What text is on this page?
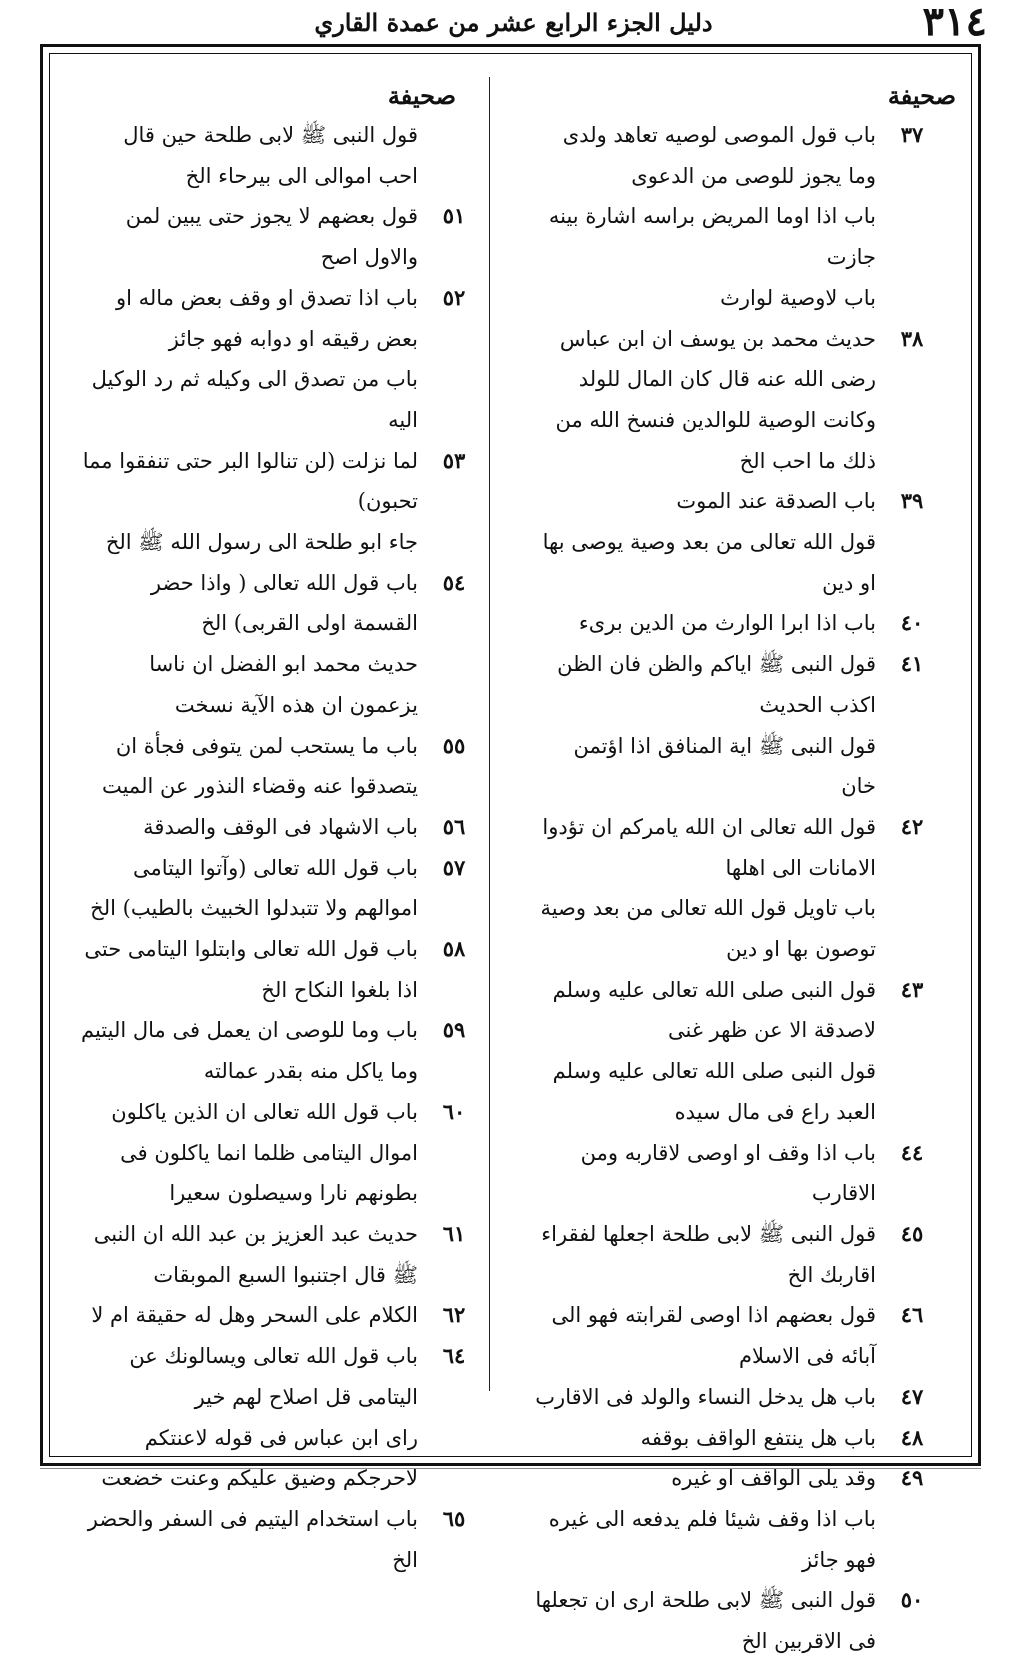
٣١٤
دليل الجزء الرابع عشر من عمدة القاري
صحيفة
٣٧
باب قول الموصى لوصيه تعاهد ولدى وما يجوز للوصى من الدعوى
باب اذا اوما المريض براسه اشارة بينه جازت
باب لاوصية لوارث
٣٨
حديث محمد بن يوسف ان ابن عباس رضى الله عنه قال كان المال للولد وكانت الوصية للوالدين فنسخ الله من ذلك ما احب الخ
٣٩
باب الصدقة عند الموت
قول الله تعالى من بعد وصية يوصى بها او دين
٤٠
باب اذا ابرا الوارث من الدين برىء
٤١
قول النبى ﷺ اياكم والظن فان الظن اكذب الحديث
قول النبى ﷺ اية المنافق اذا اؤتمن خان
٤٢
قول الله تعالى ان الله يامركم ان تؤدوا الامانات الى اهلها
باب تاويل قول الله تعالى من بعد وصية توصون بها او دين
٤٣
قول النبى صلى الله تعالى عليه وسلم لاصدقة الا عن ظهر غنى
قول النبى صلى الله تعالى عليه وسلم العبد راع فى مال سيده
٤٤
باب اذا وقف او اوصى لاقاربه ومن الاقارب
٤٥
قول النبى ﷺ لابى طلحة اجعلها لفقراء اقاربك الخ
٤٦
قول بعضهم اذا اوصى لقرابته فهو الى آبائه فى الاسلام
٤٧
باب هل يدخل النساء والولد فى الاقارب
٤٨
باب هل ينتفع الواقف بوقفه
٤٩
وقد يلى الواقف او غيره
باب اذا وقف شيئا فلم يدفعه الى غيره فهو جائز
٥٠
قول النبى ﷺ لابى طلحة ارى ان تجعلها فى الاقربين الخ
صحيفة
قول النبى ﷺ لابى طلحة حين قال احب اموالى الى بيرحاء الخ
٥١
قول بعضهم لا يجوز حتى يبين لمن والاول اصح
٥٢
باب اذا تصدق او وقف بعض ماله او بعض رقيقه او دوابه فهو جائز
باب من تصدق الى وكيله ثم رد الوكيل اليه
٥٣
لما نزلت (لن تنالوا البر حتى تنفقوا مما تحبون)
جاء ابو طلحة الى رسول الله ﷺ الخ
٥٤
باب قول الله تعالى ( واذا حضر القسمة اولى القربى) الخ
حديث محمد ابو الفضل ان ناسا يزعمون ان هذه الآية نسخت
٥٥
باب ما يستحب لمن يتوفى فجأة ان يتصدقوا عنه وقضاء النذور عن الميت
٥٦
باب الاشهاد فى الوقف والصدقة
٥٧
باب قول الله تعالى (وآتوا اليتامى اموالهم ولا تتبدلوا الخبيث بالطيب) الخ
٥٨
باب قول الله تعالى وابتلوا اليتامى حتى اذا بلغوا النكاح الخ
٥٩
باب وما للوصى ان يعمل فى مال اليتيم وما ياكل منه بقدر عمالته
٦٠
باب قول الله تعالى ان الذين ياكلون اموال اليتامى ظلما انما ياكلون فى بطونهم نارا وسيصلون سعيرا
٦١
حديث عبد العزيز بن عبد الله ان النبى ﷺ قال اجتنبوا السبع الموبقات
٦٢
الكلام على السحر وهل له حقيقة ام لا
٦٤
باب قول الله تعالى ويسالونك عن اليتامى قل اصلاح لهم خير
راى ابن عباس فى قوله لاعنتكم لاحرجكم وضيق عليكم وعنت خضعت
٦٥
باب استخدام اليتيم فى السفر والحضر الخ
